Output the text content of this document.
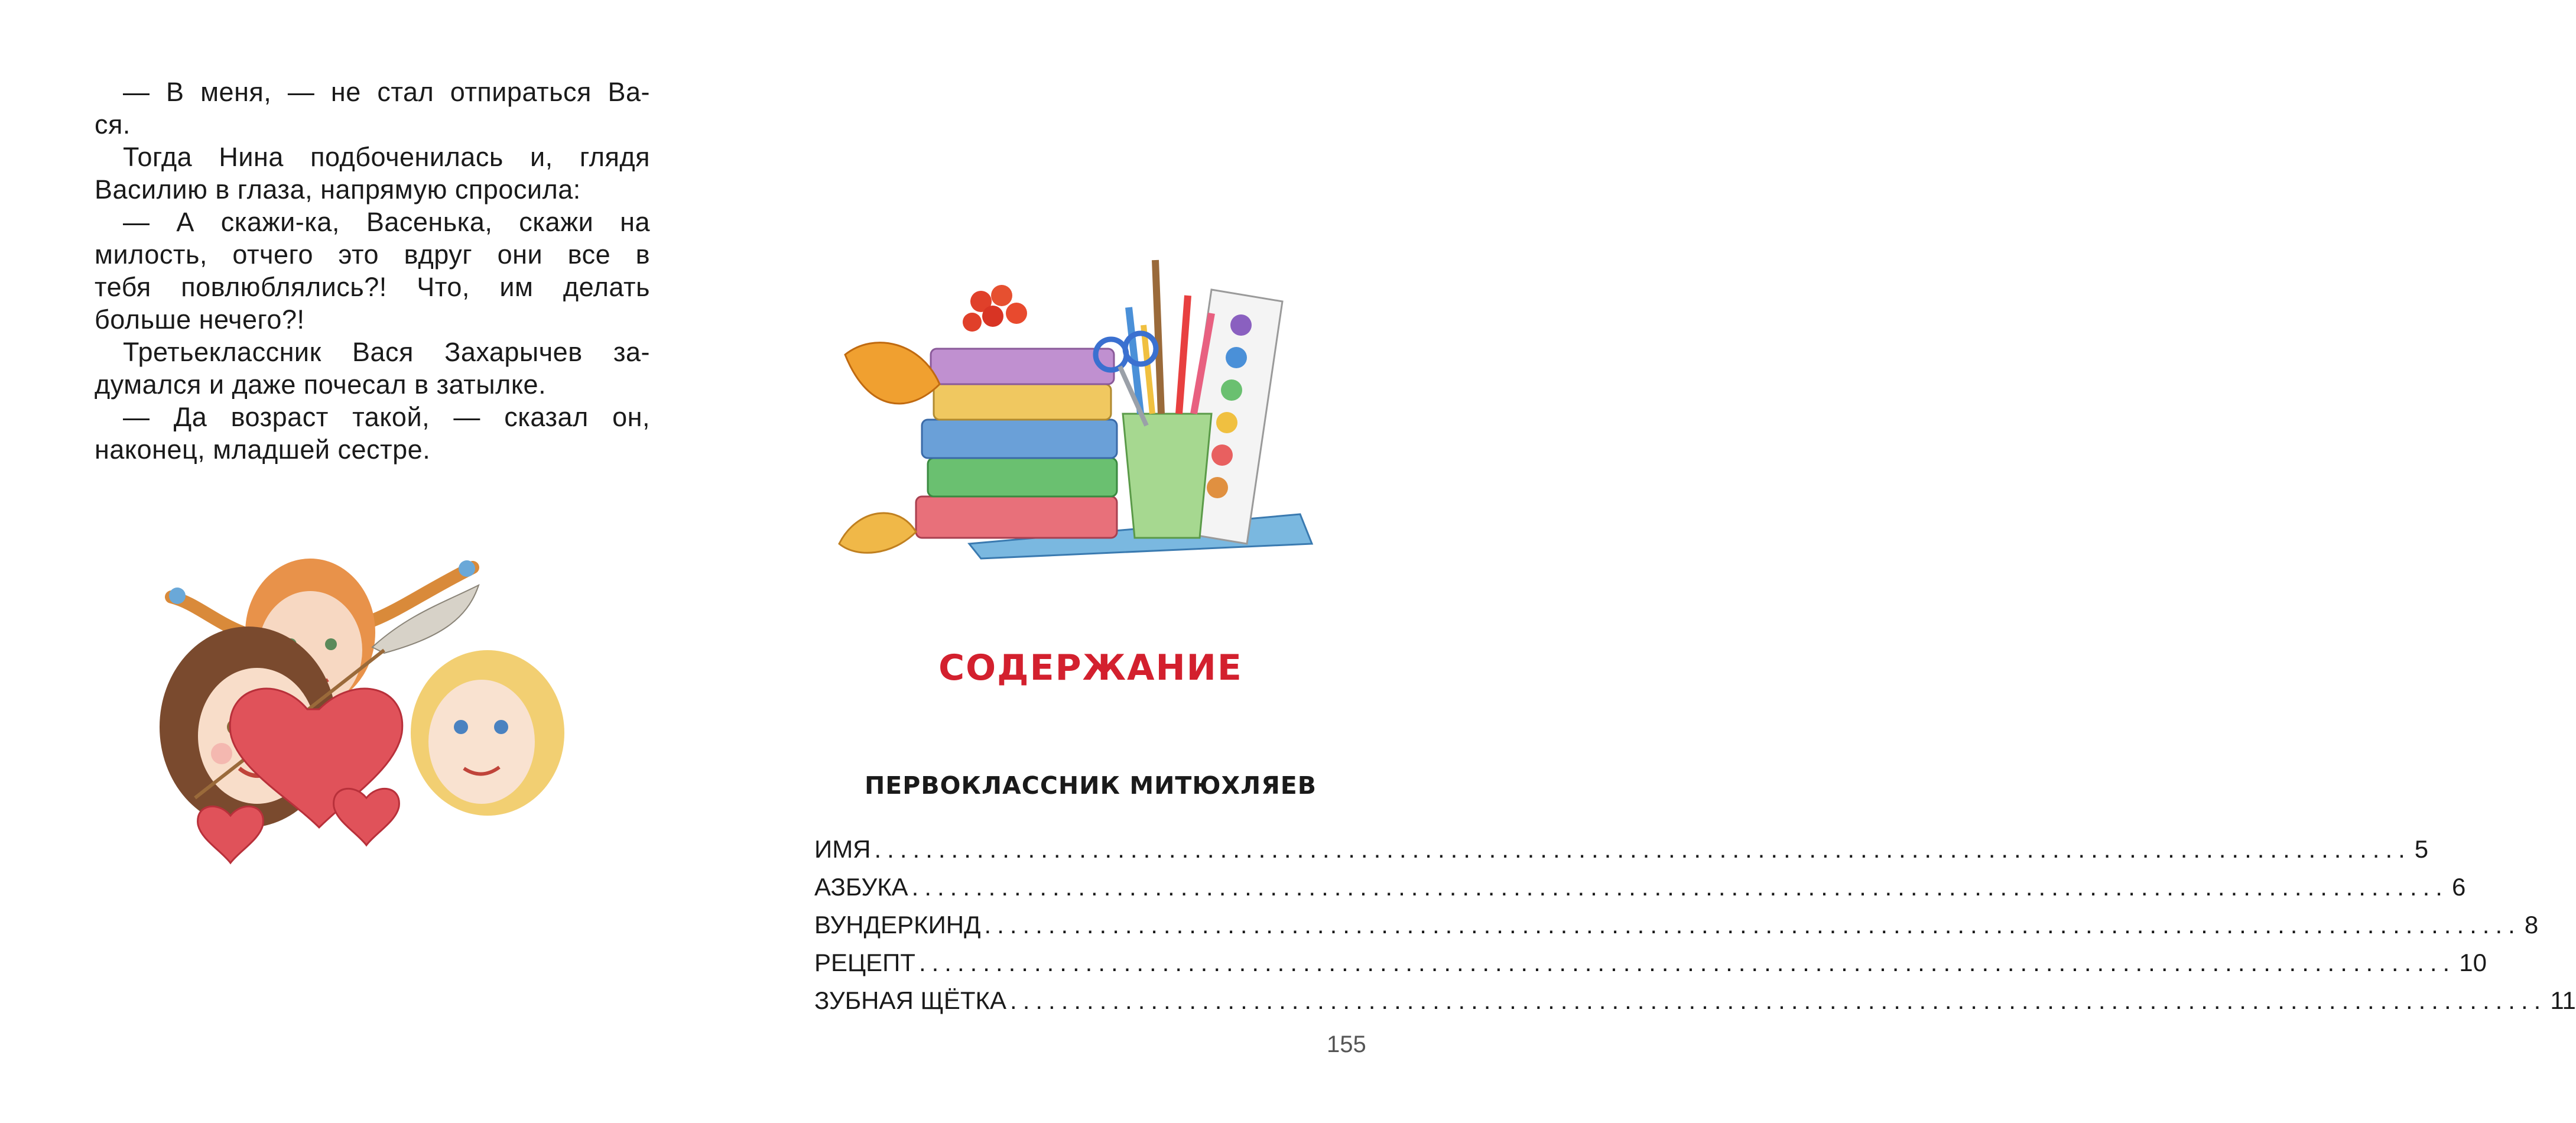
— В меня, — не стал отпираться Ва-
ся.
Тогда Нина подбоченилась и, глядя
Василию в глаза, напрямую спросила:
— А скажи-ка, Васенька, скажи на
милость, отчего это вдруг они все в
тебя повлюблялись?! Что, им делать
больше нечего?!
Третьеклассник Вася Захарычев за-
думался и даже почесал в затылке.
— Да возраст такой, — сказал он,
наконец, младшей сестре.
СОДЕРЖАНИЕ
ПЕРВОКЛАССНИК МИТЮХЛЯЕВ
ИМЯ ........................................................................................................................ 5
АЗБУКА ........................................................................................................................ 6
ВУНДЕРКИНД ........................................................................................................................ 8
РЕЦЕПТ ........................................................................................................................ 10
ЗУБНАЯ ЩЁТКА ........................................................................................................................ 11
155
